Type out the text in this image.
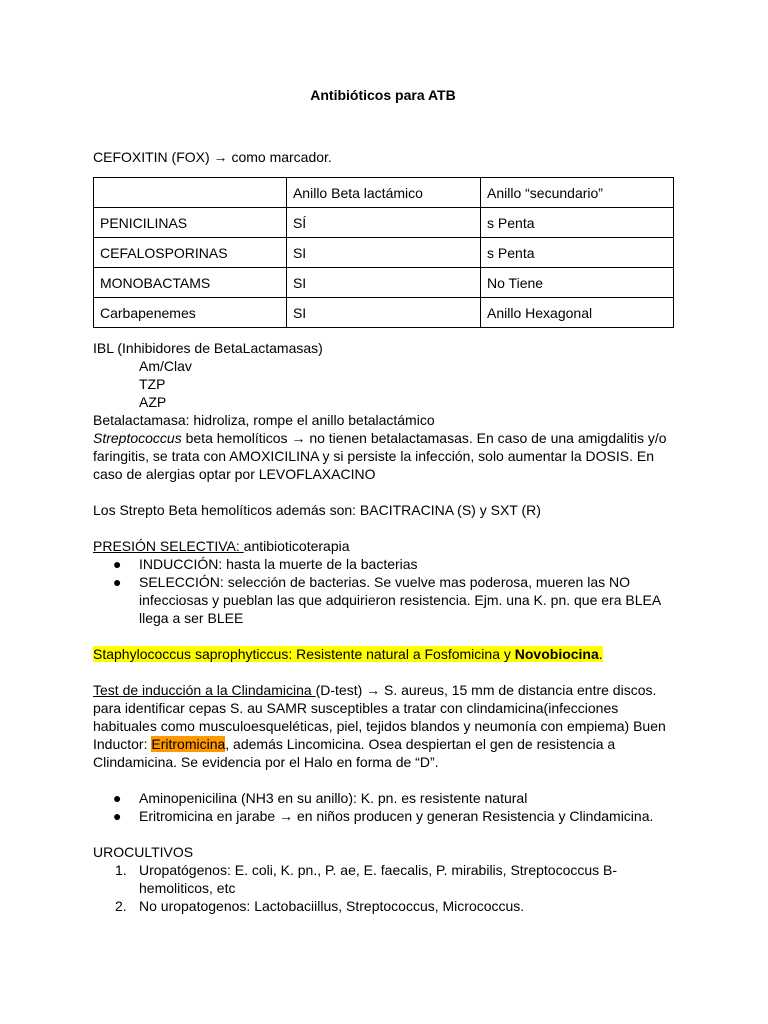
Antibióticos para ATB

CEFOXITIN (FOX) → como marcador.

	Anillo Beta lactámico	Anillo “secundario”
PENICILINAS	SÍ	s Penta
CEFALOSPORINAS	SI	s Penta
MONOBACTAMS	SI	No Tiene
Carbapenemes	SI	Anillo Hexagonal

IBL (Inhibidores de BetaLactamasas)

Am/Clav

TZP

AZP

Betalactamasa: hidroliza, rompe el anillo betalactámico

Streptococcus beta hemolíticos → no tienen betalactamasas. En caso de una amigdalitis y/o faringitis, se trata con AMOXICILINA y si persiste la infección, solo aumentar la DOSIS. En caso de alergias optar por LEVOFLAXACINO

Los Strepto Beta hemolíticos además son: BACITRACINA (S) y SXT (R)

PRESIÓN SELECTIVA: antibioticoterapia

● INDUCCIÓN: hasta la muerte de la bacterias
● SELECCIÓN: selección de bacterias. Se vuelve mas poderosa, mueren las NO infecciosas y pueblan las que adquirieron resistencia. Ejm. una K. pn. que era BLEA llega a ser BLEE

Staphylococcus saprophyticcus: Resistente natural a Fosfomicina y Novobiocina.

Test de inducción a la Clindamicina (D-test) → S. aureus, 15 mm de distancia entre discos. para identificar cepas S. au SAMR susceptibles a tratar con clindamicina(infecciones habituales como musculoesqueléticas, piel, tejidos blandos y neumonía con empiema) Buen Inductor: Eritromicina, además Lincomicina. Osea despiertan el gen de resistencia a Clindamicina. Se evidencia por el Halo en forma de “D”.

● Aminopenicilina (NH3 en su anillo): K. pn. es resistente natural
● Eritromicina en jarabe → en niños producen y generan Resistencia y Clindamicina.

UROCULTIVOS

1. Uropatógenos: E. coli, K. pn., P. ae, E. faecalis, P. mirabilis, Streptococcus B-hemoliticos, etc
2. No uropatogenos: Lactobaciillus, Streptococcus, Micrococcus.
